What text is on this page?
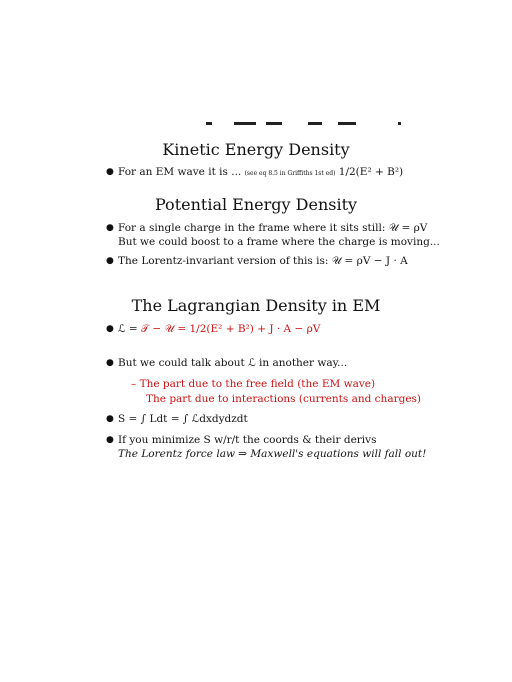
Kinetic Energy Density
● For an EM wave it is ... (see eq 8.5 in Griffiths 1st ed) 1/2(E² + B²)
Potential Energy Density
● For a single charge in the frame where it sits still: 𝒰 = ρV
But we could boost to a frame where the charge is moving...
● The Lorentz-invariant version of this is: 𝒰 = ρV − J · A
The Lagrangian Density in EM
● ℒ = 𝒯 − 𝒰 = 1/2(E² + B²) + J · A − ρV
● But we could talk about ℒ in another way...
– The part due to the free field (the EM wave)
The part due to interactions (currents and charges)
● S = ∫ Ldt = ∫ ℒdxdydzdt
● If you minimize S w/r/t the coords & their derivs
The Lorentz force law ⇒ Maxwell's equations will fall out!
